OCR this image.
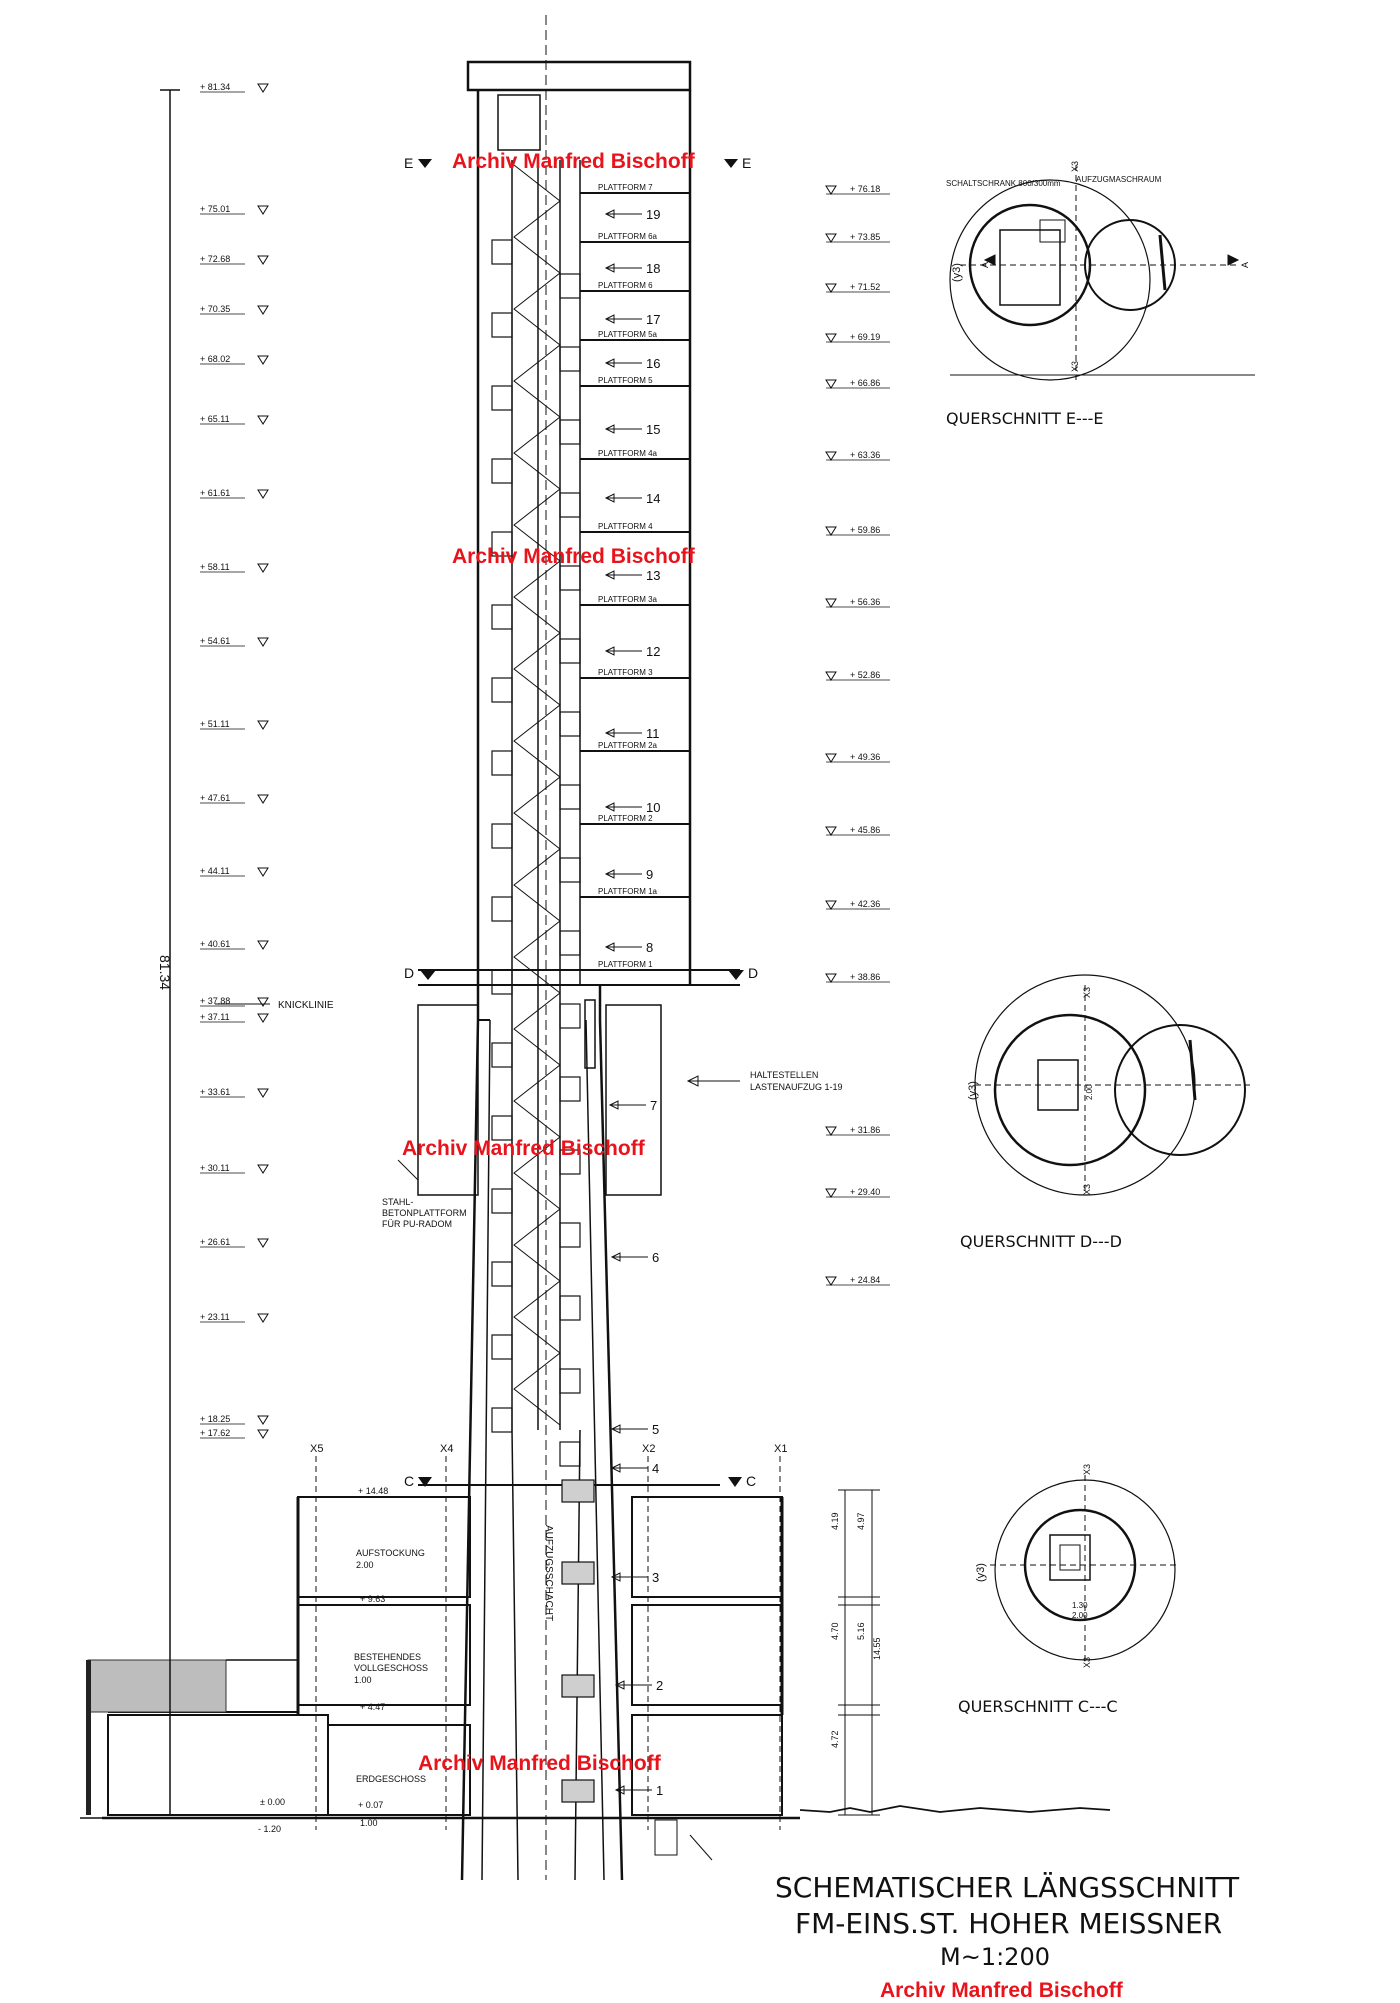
+ 81.34
+ 75.01
+ 72.68
+ 70.35
+ 68.02
+ 65.11
+ 61.61
+ 58.11
+ 54.61
+ 51.11
+ 47.61
+ 44.11
+ 40.61
+ 37.88
+ 37.11
+ 33.61
+ 30.11
+ 26.61
+ 23.11
+ 18.25
+ 17.62
+ 76.18
+ 73.85
+ 71.52
+ 69.19
+ 66.86
+ 63.36
+ 59.86
+ 56.36
+ 52.86
+ 49.36
+ 45.86
+ 42.36
+ 38.86
+ 31.86
+ 29.40
+ 24.84
81.34
KNICKLINIE
E	E
D	D
C	C
PLATTFORM 7
PLATTFORM 6a
PLATTFORM 6
PLATTFORM 5a
PLATTFORM 5
PLATTFORM 4a
PLATTFORM 4
PLATTFORM 3a
PLATTFORM 3
PLATTFORM 2a
PLATTFORM 2
PLATTFORM 1a
PLATTFORM 1
19
18
17
16
15
14
13
12
11
10
9
8
7
6
5
4
3
2
1
X5	X4	X2	X1
HALTESTELLEN
LASTENAUFZUG 1-19
STAHL-
BETONPLATTFORM
FÜR PU-RADOM
AUFZUGSSCHACHT
AUFSTOCKUNG
2.00
BESTEHENDES
VOLLGESCHOSS
1.00
ERDGESCHOSS
+ 14.48
+ 9.63
+ 4.47
± 0.00	+ 0.07
- 1.20
1.00
4.19
4.70
4.97
14.55
5.16
4.72
SCHALTSCHRANK 800/300mm AUFZUGMASCHRAUM
QUERSCHNITT E---E
(y3)
X3
X3
A	A
2.00
(y3)
X3
X3
QUERSCHNITT D---D
1.30
2.00
(y3)
X3
X3
QUERSCHNITT C---C
SCHEMATISCHER LÄNGSSCHNITT
FM-EINS.ST. HOHER MEISSNER
M~1:200
Archiv Manfred Bischoff
Archiv Manfred Bischoff
Archiv Manfred Bischoff
Archiv Manfred Bischoff
Archiv Manfred Bischoff
